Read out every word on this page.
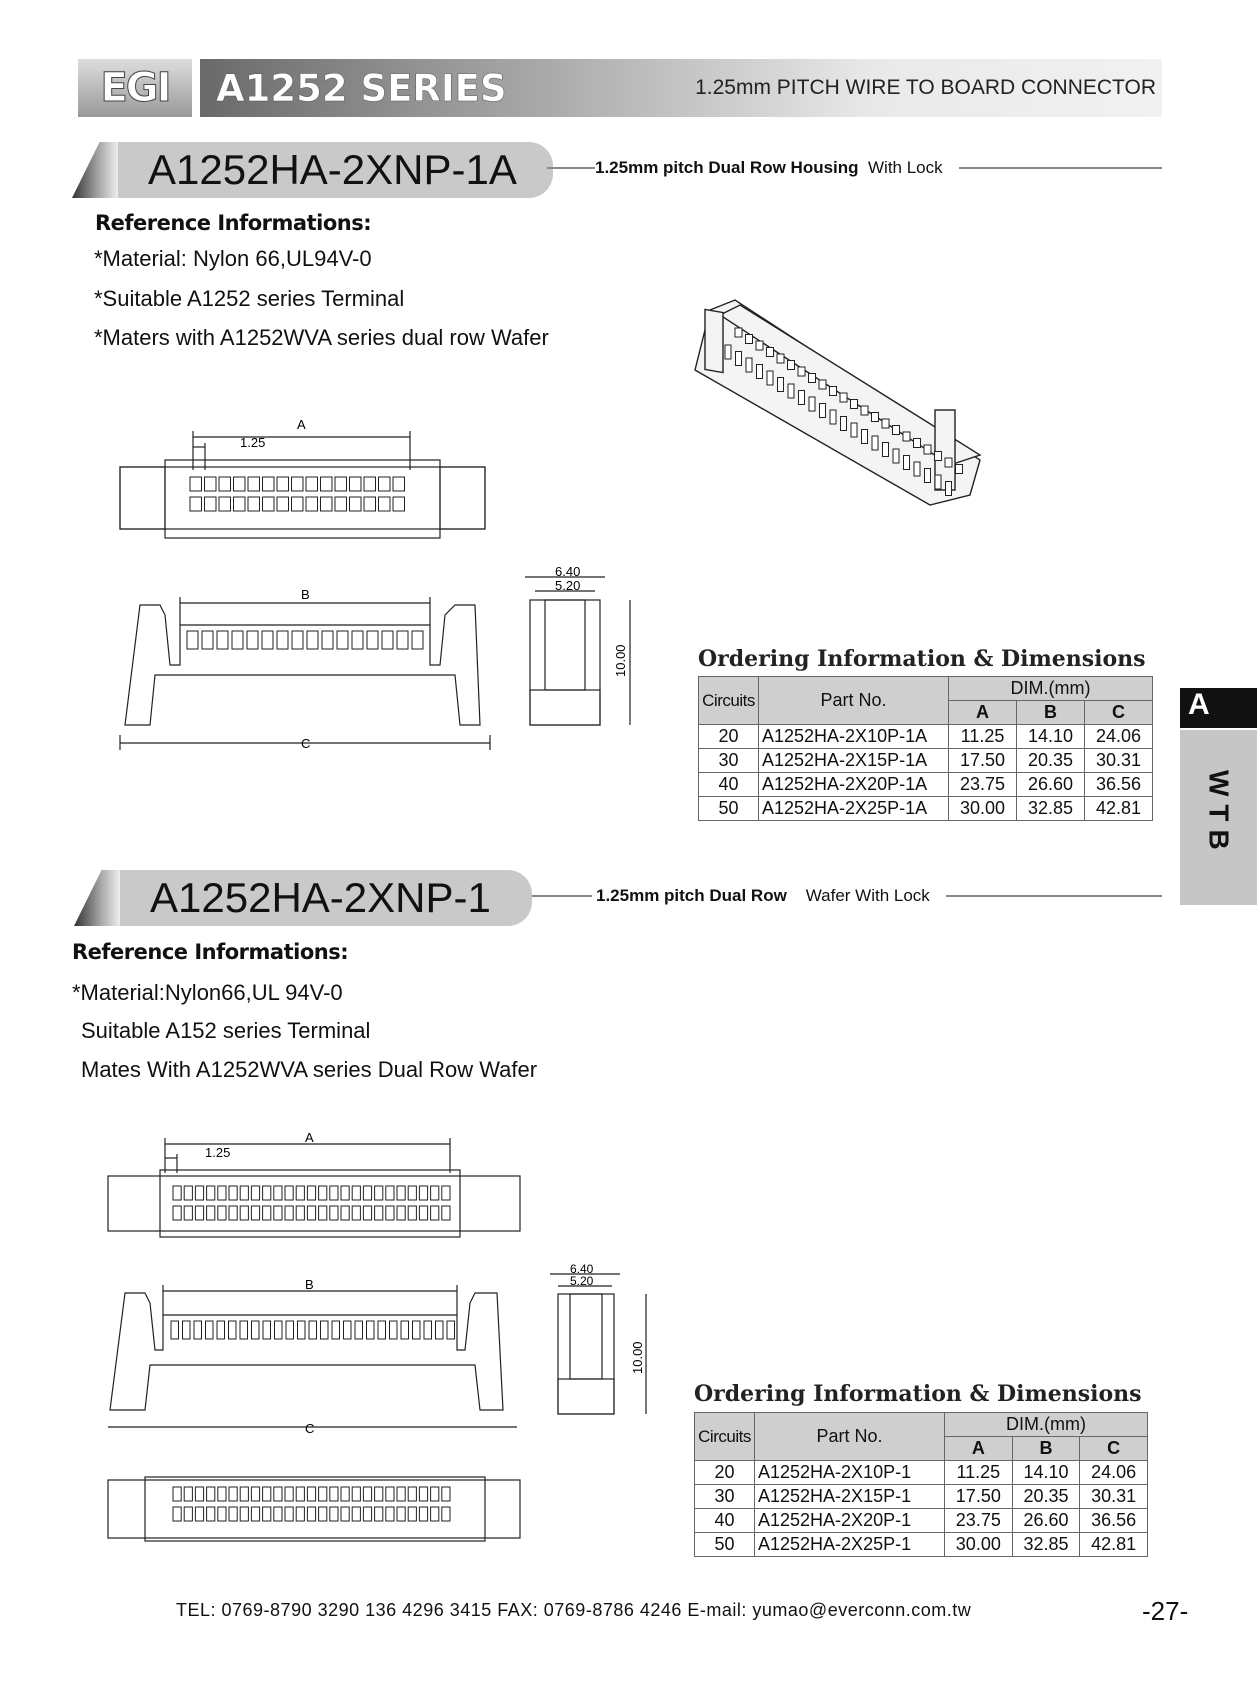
EGI	A1252 SERIES	1.25mm PITCH WIRE TO BOARD CONNECTOR
A
WTB
A1252HA-2XNP-1A	1.25mm pitch Dual Row Housing
With Lock
Reference Informations:
*Material: Nylon 66,UL94V-0
*Suitable A1252 series Terminal
*Maters with A1252WVA series dual row Wafer
A
1.25
B
C
6.40
5.20
10.00	Ordering Information & Dimensions
Circuits	Part No.	DIM.(mm)		
		A	B	C
20	A1252HA-2X10P-1A	11.25	14.10	24.06
30	A1252HA-2X15P-1A	17.50	20.35	30.31
40	A1252HA-2X20P-1A	23.75	26.60	36.56
50	A1252HA-2X25P-1A	30.00	32.85	42.81
A1252HA-2XNP-1	1.25mm pitch Dual Row
Wafer With Lock
Reference Informations:
*Material:Nylon66,UL 94V-0
Suitable A152 series Terminal
Mates With A1252WVA series Dual Row Wafer
A
1.25
B
C
6.40
5.20
10.00
Ordering Information & Dimensions
Circuits	Part No.	DIM.(mm)		
		A	B	C
20	A1252HA-2X10P-1	11.25	14.10	24.06
30	A1252HA-2X15P-1	17.50	20.35	30.31
40	A1252HA-2X20P-1	23.75	26.60	36.56
50	A1252HA-2X25P-1	30.00	32.85	42.81
TEL: 0769-8790 3290 136 4296 3415 FAX: 0769-8786 4246 E-mail: yumao@everconn.com.tw	-27-
